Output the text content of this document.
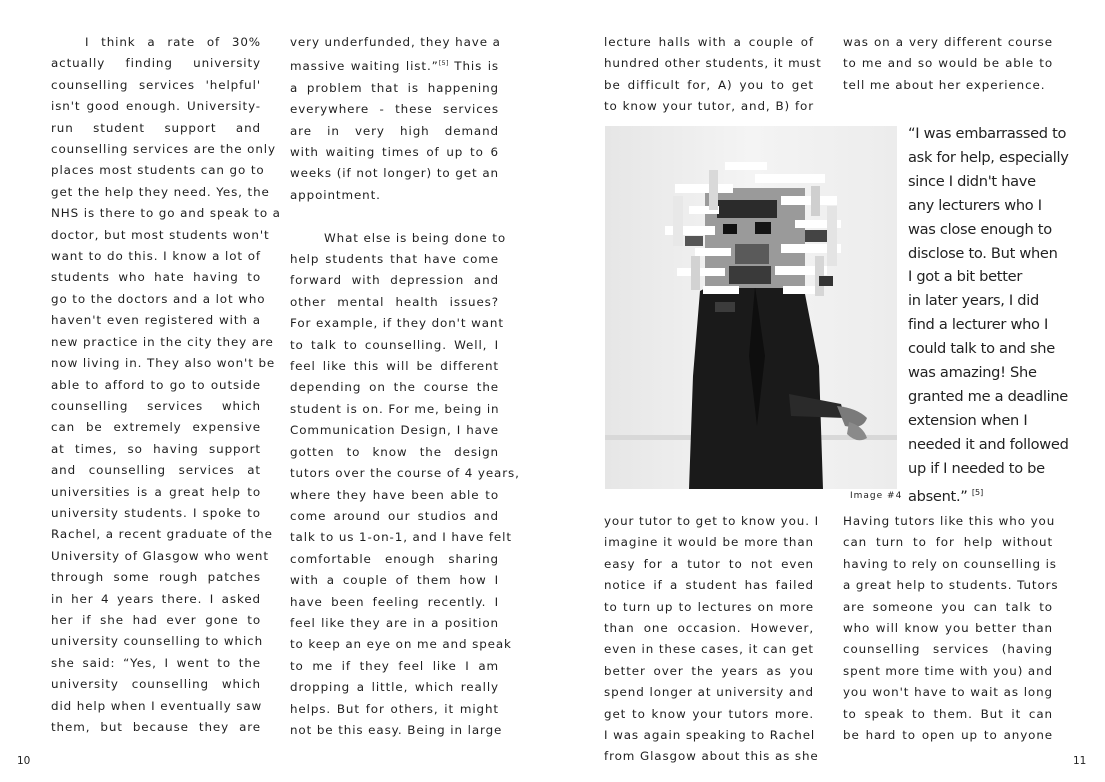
I think a rate of 30%

actually finding university

counselling services 'helpful'

isn't good enough. University-

run student support and

counselling services are the only

places most students can go to

get the help they need. Yes, the

NHS is there to go and speak to a

doctor, but most students won't

want to do this. I know a lot of

students who hate having to

go to the doctors and a lot who

haven't even registered with a

new practice in the city they are

now living in. They also won't be

able to afford to go to outside

counselling services which

can be extremely expensive

at times, so having support

and counselling services at

universities is a great help to

university students. I spoke to

Rachel, a recent graduate of the

University of Glasgow who went

through some rough patches

in her 4 years there. I asked

her if she had ever gone to

university counselling to which

she said: “Yes, I went to the

university counselling which

did help when I eventually saw

them, but because they are

very underfunded, they have a

massive waiting list.”[5] This is

a problem that is happening

everywhere - these services

are in very high demand

with waiting times of up to 6

weeks (if not longer) to get an

appointment.

What else is being done to

help students that have come

forward with depression and

other mental health issues?

For example, if they don't want

to talk to counselling. Well, I

feel like this will be different

depending on the course the

student is on. For me, being in

Communication Design, I have

gotten to know the design

tutors over the course of 4 years,

where they have been able to

come around our studios and

talk to us 1-on-1, and I have felt

comfortable enough sharing

with a couple of them how I

have been feeling recently. I

feel like they are in a position

to keep an eye on me and speak

to me if they feel like I am

dropping a little, which really

helps. But for others, it might

not be this easy. Being in large

lecture halls with a couple of

hundred other students, it must

be difficult for, A) you to get

to know your tutor, and, B) for

was on a very different course

to me and so would be able to

tell me about her experience.

Image #4
“I was embarrassed to
ask for help, especially
since I didn't have
any lecturers who I
was close enough to
disclose to. But when
I got a bit better
in later years, I did
find a lecturer who I
could talk to and she
was amazing! She
granted me a deadline
extension when I
needed it and followed
up if I needed to be
absent.” [5]

your tutor to get to know you. I

imagine it would be more than

easy for a tutor to not even

notice if a student has failed

to turn up to lectures on more

than one occasion. However,

even in these cases, it can get

better over the years as you

spend longer at university and

get to know your tutors more.

I was again speaking to Rachel

from Glasgow about this as she

Having tutors like this who you

can turn to for help without

having to rely on counselling is

a great help to students. Tutors

are someone you can talk to

who will know you better than

counselling services (having

spent more time with you) and

you won't have to wait as long

to speak to them. But it can

be hard to open up to anyone

10	11
